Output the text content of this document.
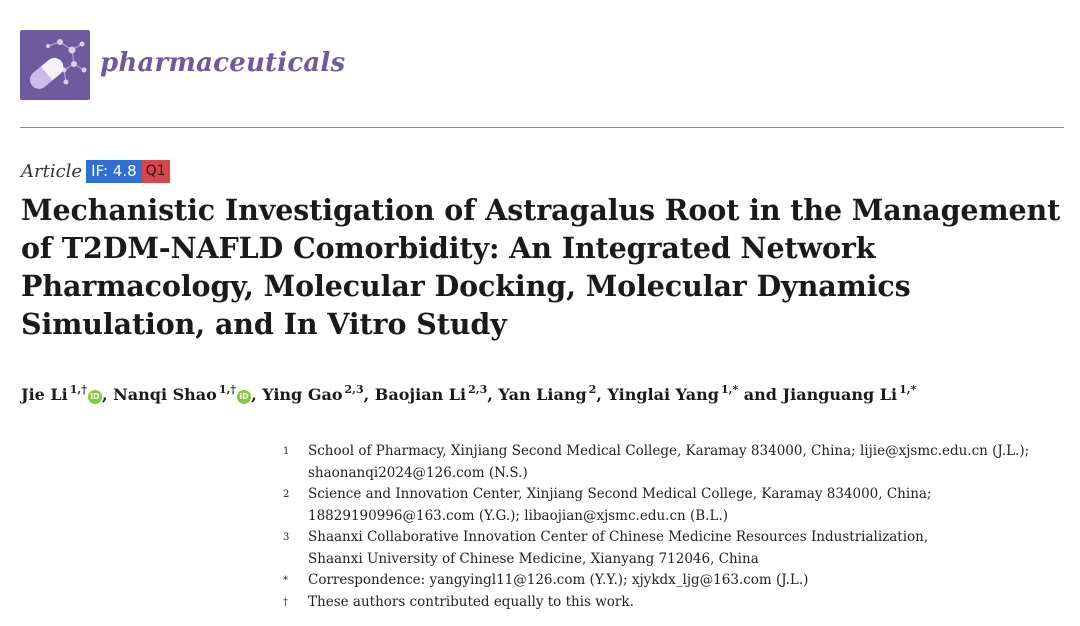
pharmaceuticals
Article IF: 4.8 Q1
Mechanistic Investigation of Astragalus Root in the Management
of T2DM-NAFLD Comorbidity: An Integrated Network
Pharmacology, Molecular Docking, Molecular Dynamics
Simulation, and In Vitro Study
Jie Li $^{1,\dagger}$iD , Nanqi Shao $^{1,\dagger}$iD , Ying Gao $^{2,3}$, Baojian Li $^{2,3}$, Yan Liang $^2$, Yinglai Yang $^{1,*}$ and Jianguang Li $^{1,*}$
1	School of Pharmacy, Xinjiang Second Medical College, Karamay 834000, China; lijie@xjsmc.edu.cn (J.L.);
shaonanqi2024@126.com (N.S.)
2	Science and Innovation Center, Xinjiang Second Medical College, Karamay 834000, China;
18829190996@163.com (Y.G.); libaojian@xjsmc.edu.cn (B.L.)
3	Shaanxi Collaborative Innovation Center of Chinese Medicine Resources Industrialization,
Shaanxi University of Chinese Medicine, Xianyang 712046, China
*	Correspondence: yangyingl11@126.com (Y.Y.); xjykdx_ljg@163.com (J.L.)
†	These authors contributed equally to this work.
